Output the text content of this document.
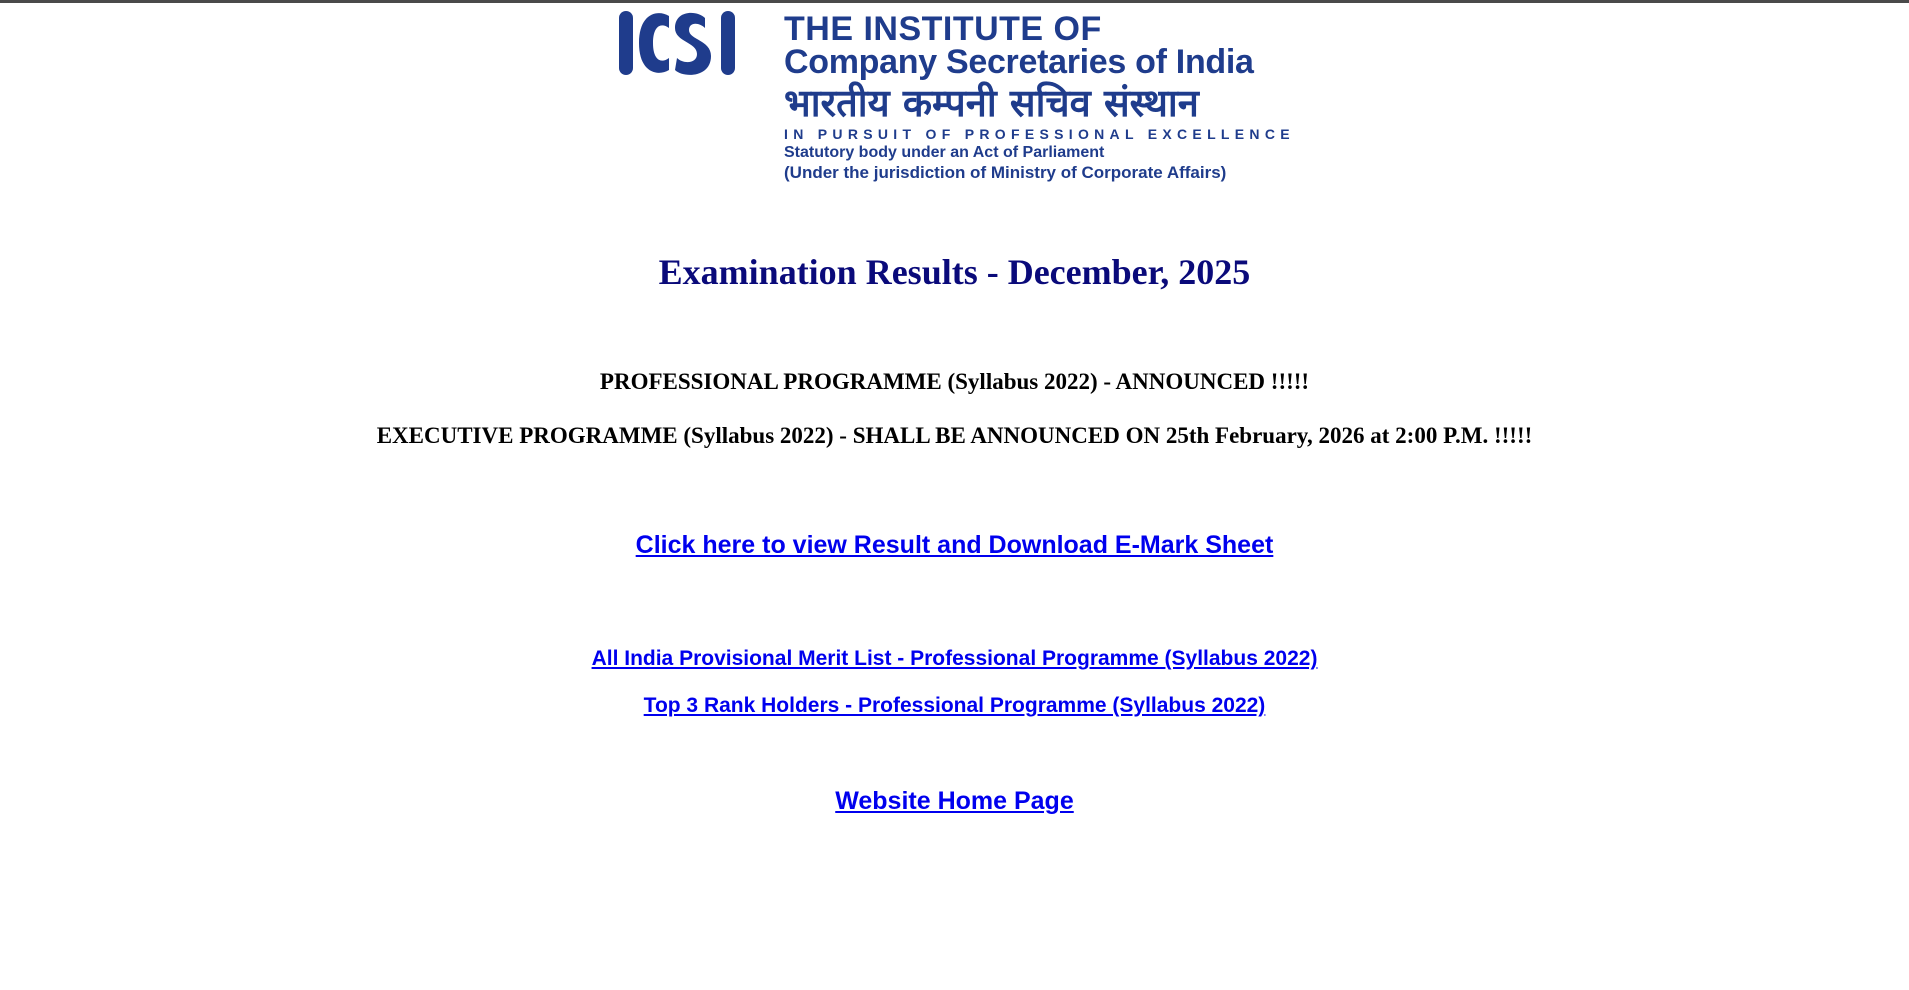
THE INSTITUTE OF
Company Secretaries of India
भारतीय कम्पनी सचिव संस्थान
IN PURSUIT OF PROFESSIONAL EXCELLENCE
Statutory body under an Act of Parliament
(Under the jurisdiction of Ministry of Corporate Affairs)
Examination Results - December, 2025
PROFESSIONAL PROGRAMME (Syllabus 2022) - ANNOUNCED !!!!!
EXECUTIVE PROGRAMME (Syllabus 2022) - SHALL BE ANNOUNCED ON 25th February, 2026 at 2:00 P.M. !!!!!
Click here to view Result and Download E-Mark Sheet
All India Provisional Merit List - Professional Programme (Syllabus 2022)
Top 3 Rank Holders - Professional Programme (Syllabus 2022)
Website Home Page
